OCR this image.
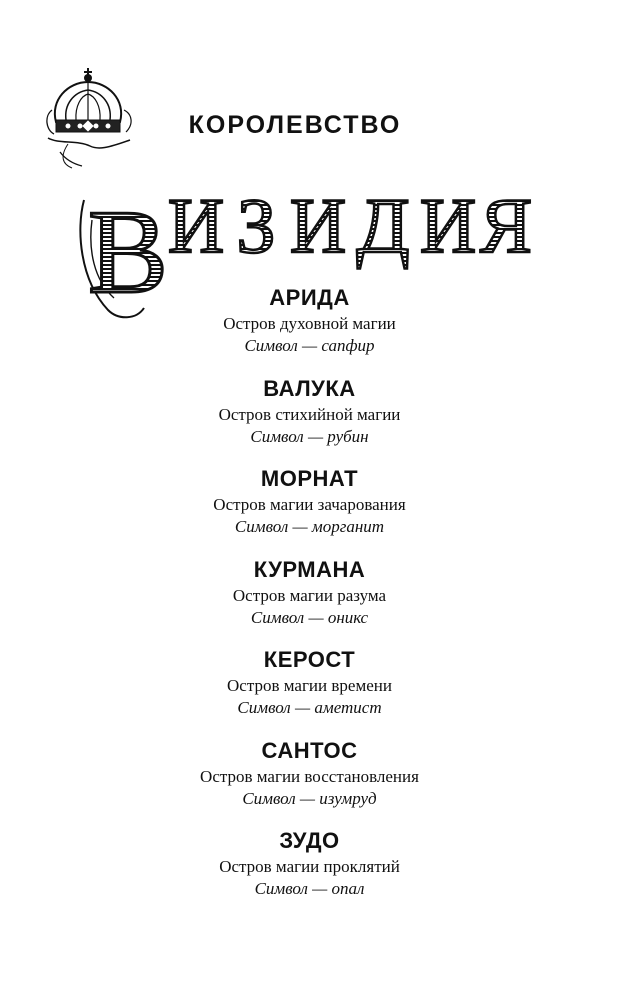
КОРОЛЕВСТВО
В И З И Д И Я
АРИДА
Остров духовной магии
Символ — сапфир
ВАЛУКА
Остров стихийной магии
Символ — рубин
МОРНАТ
Остров магии зачарования
Символ — морганит
КУРМАНА
Остров магии разума
Символ — оникс
КЕРОСТ
Остров магии времени
Символ — аметист
САНТОС
Остров магии восстановления
Символ — изумруд
ЗУДО
Остров магии проклятий
Символ — опал
